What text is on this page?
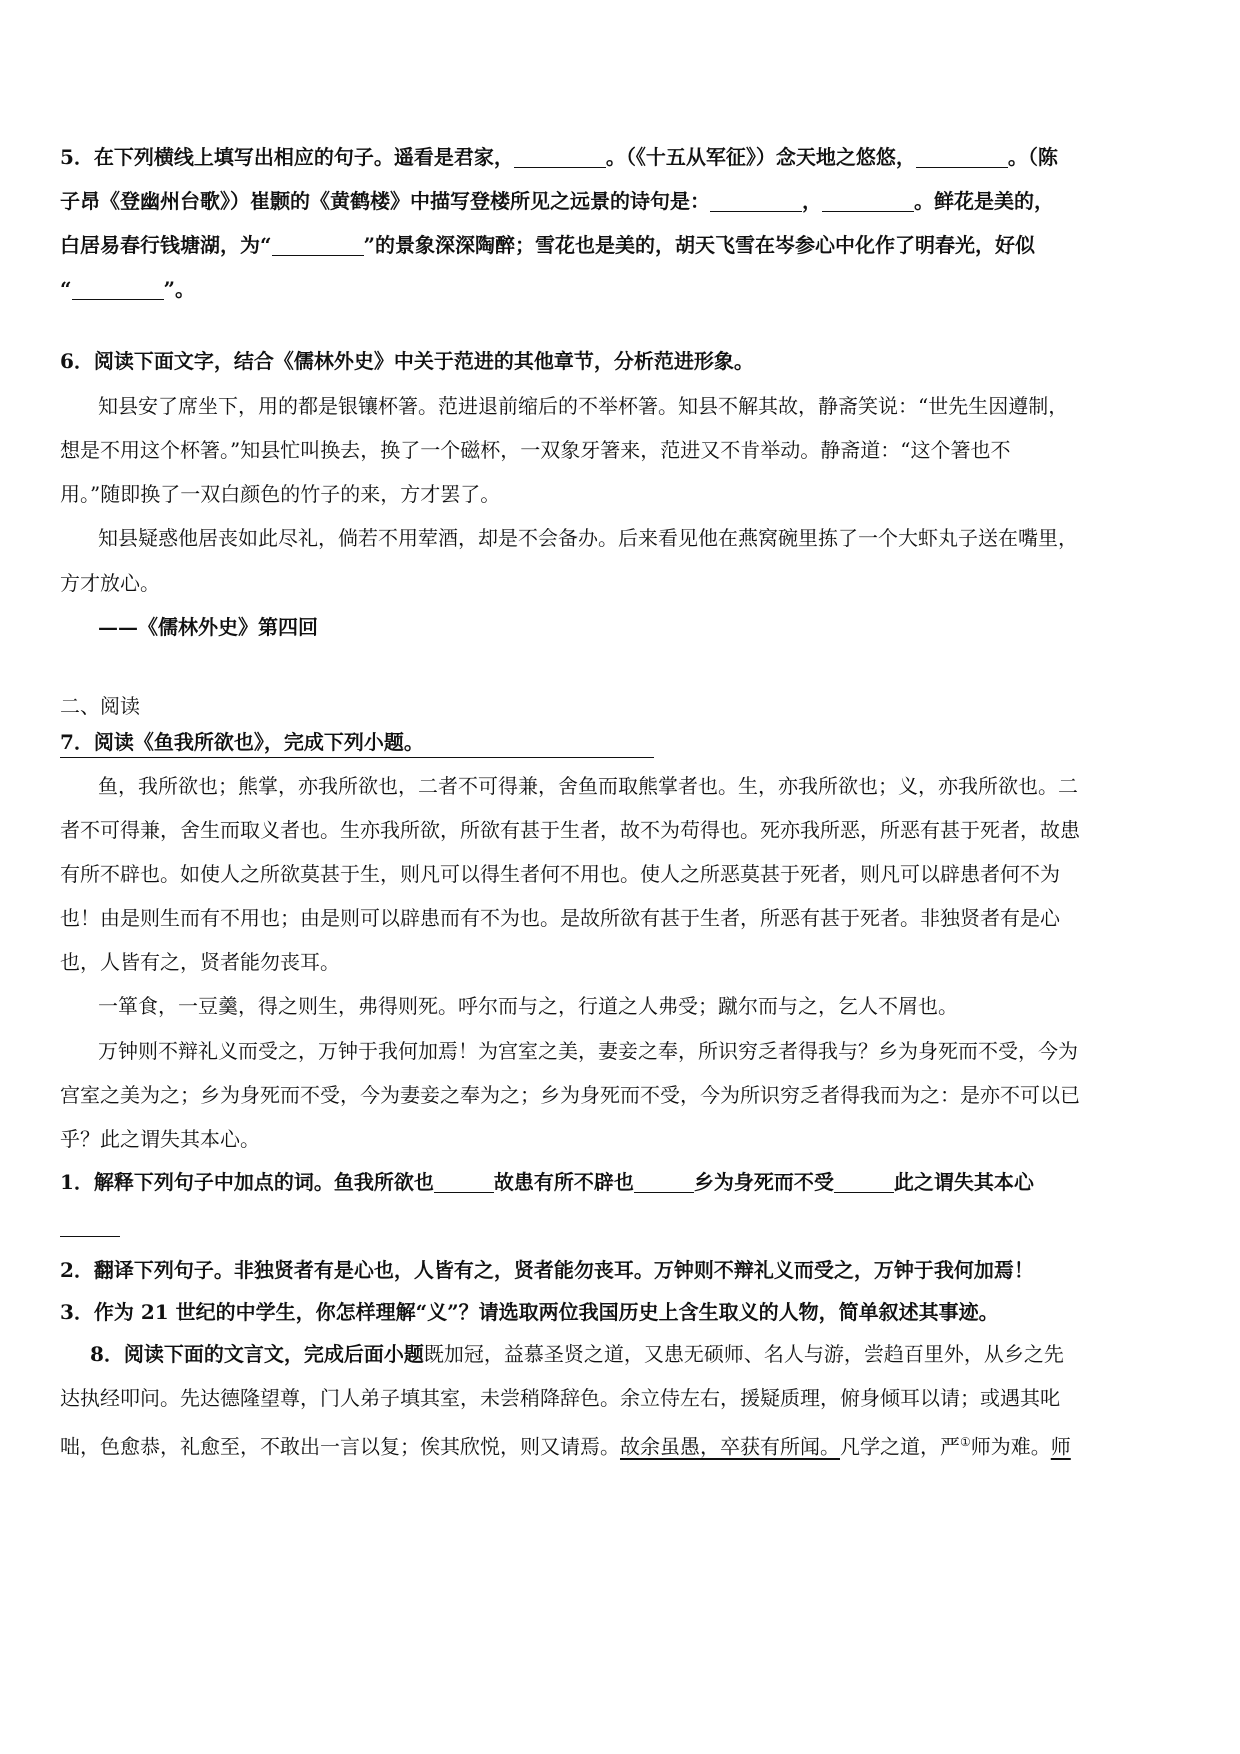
5．在下列横线上填写出相应的句子。遥看是君家，	。（《十五从军征》）念天地之悠悠，	。（陈
子昂《登幽州台歌》）崔颢的《黄鹤楼》中描写登楼所见之远景的诗句是：	，	。鲜花是美的，
白居易春行钱塘湖，为“	”的景象深深陶醉；雪花也是美的，胡天飞雪在岑参心中化作了明春光，好似
“	”。
6．阅读下面文字，结合《儒林外史》中关于范进的其他章节，分析范进形象。
知县安了席坐下，用的都是银镶杯箸。范进退前缩后的不举杯箸。知县不解其故，静斋笑说：“世先生因遵制，
想是不用这个杯箸。”知县忙叫换去，换了一个磁杯，一双象牙箸来，范进又不肯举动。静斋道：“这个箸也不
用。”随即换了一双白颜色的竹子的来，方才罢了。
知县疑惑他居丧如此尽礼，倘若不用荤酒，却是不会备办。后来看见他在燕窝碗里拣了一个大虾丸子送在嘴里，
方才放心。
——《儒林外史》第四回
二、阅读
7．阅读《鱼我所欲也》，完成下列小题。
鱼，我所欲也；熊掌，亦我所欲也，二者不可得兼，舍鱼而取熊掌者也。生，亦我所欲也；义，亦我所欲也。二
者不可得兼，舍生而取义者也。生亦我所欲，所欲有甚于生者，故不为苟得也。死亦我所恶，所恶有甚于死者，故患
有所不辟也。如使人之所欲莫甚于生，则凡可以得生者何不用也。使人之所恶莫甚于死者，则凡可以辟患者何不为
也！由是则生而有不用也；由是则可以辟患而有不为也。是故所欲有甚于生者，所恶有甚于死者。非独贤者有是心
也，人皆有之，贤者能勿丧耳。
一箪食，一豆羹，得之则生，弗得则死。呼尔而与之，行道之人弗受；蹴尔而与之，乞人不屑也。
万钟则不辩礼义而受之，万钟于我何加焉！为宫室之美，妻妾之奉，所识穷乏者得我与？乡为身死而不受，今为
宫室之美为之；乡为身死而不受，今为妻妾之奉为之；乡为身死而不受，今为所识穷乏者得我而为之：是亦不可以已
乎？此之谓失其本心。
1．解释下列句子中加点的词。鱼我所欲也	故患有所不辟也	乡为身死而不受	此之谓失其本心
2．翻译下列句子。非独贤者有是心也，人皆有之，贤者能勿丧耳。万钟则不辩礼义而受之，万钟于我何加焉！
3．作为 21 世纪的中学生，你怎样理解“义”？请选取两位我国历史上含生取义的人物，简单叙述其事迹。
8．阅读下面的文言文，完成后面小题既加冠，益慕圣贤之道，又患无硕师、名人与游，尝趋百里外，从乡之先
达执经叩问。先达德隆望尊，门人弟子填其室，未尝稍降辞色。余立侍左右，援疑质理，俯身倾耳以请；或遇其叱
咄，色愈恭，礼愈至，不敢出一言以复；俟其欣悦，则又请焉。故余虽愚，卒获有所闻。凡学之道，严①师为难。师
